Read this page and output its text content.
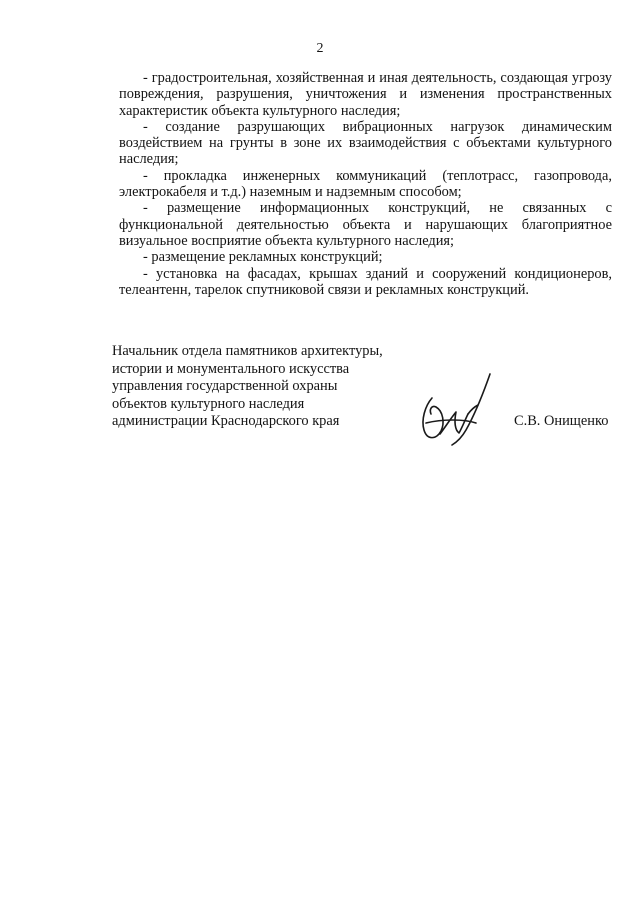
2

- градостроительная, хозяйственная и иная деятельность, создающая угрозу повреждения, разрушения, уничтожения и изменения пространственных характеристик объекта культурного наследия;

- создание разрушающих вибрационных нагрузок динамическим воздействием на грунты в зоне их взаимодействия с объектами культурного наследия;

- прокладка инженерных коммуникаций (теплотрасс, газопровода, электрокабеля и т.д.) наземным и надземным способом;

- размещение информационных конструкций, не связанных с функциональной деятельностью объекта и нарушающих благоприятное визуальное восприятие объекта культурного наследия;

- размещение рекламных конструкций;

- установка на фасадах, крышах зданий и сооружений кондиционеров, телеантенн, тарелок спутниковой связи и рекламных конструкций.

Начальник отдела памятников архитектуры,
истории и монументального искусства
управления государственной охраны
объектов культурного наследия
администрации Краснодарского края	С.В. Онищенко
